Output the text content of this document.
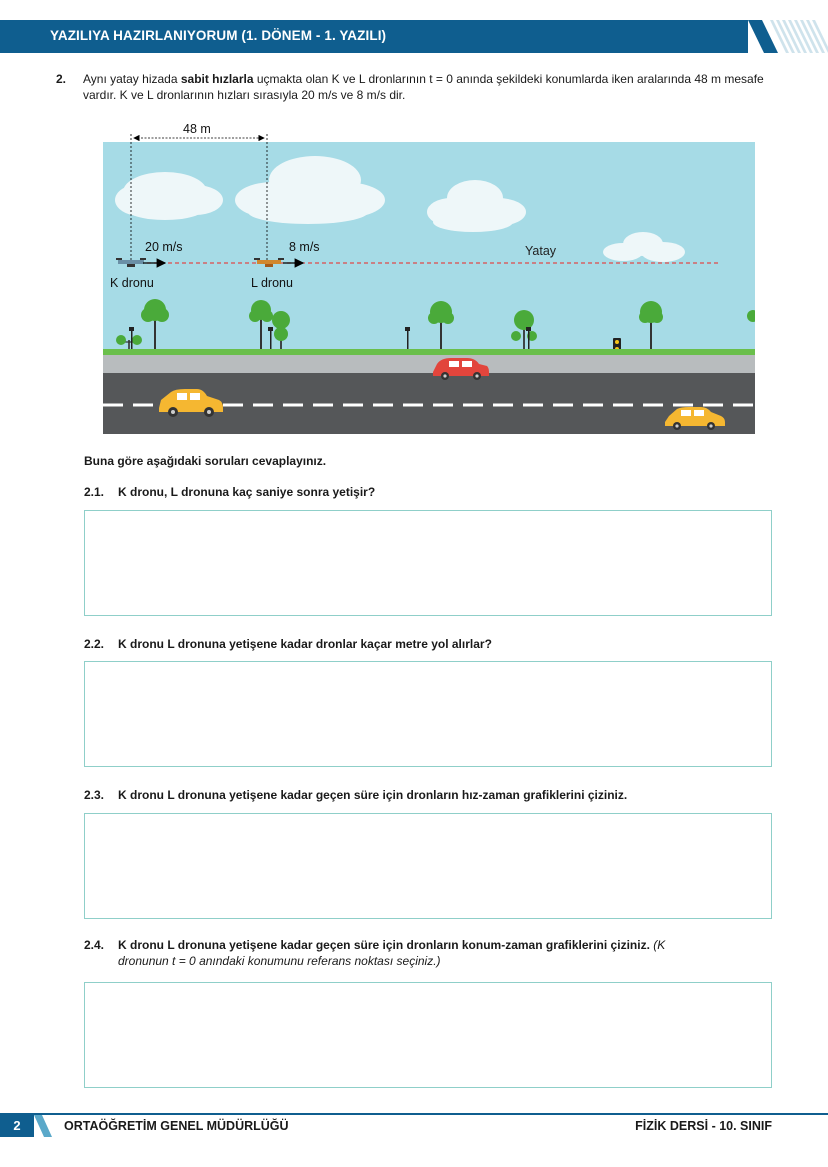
YAZILIYA HAZIRLANIYORUM (1. DÖNEM - 1. YAZILI)
2. Aynı yatay hizada sabit hızlarla uçmakta olan K ve L dronlarının t = 0 anında şekildeki konumlarda iken aralarında 48 m mesafe vardır. K ve L dronlarının hızları sırasıyla 20 m/s ve 8 m/s dir.
48 m
Yatay
20 m/s
K dronu
8 m/s
L dronu
Buna göre aşağıdaki soruları cevaplayınız.
2.1. K dronu, L dronuna kaç saniye sonra yetişir?
2.2. K dronu L dronuna yetişene kadar dronlar kaçar metre yol alırlar?
2.3. K dronu L dronuna yetişene kadar geçen süre için dronların hız-zaman grafiklerini çiziniz.
2.4. K dronu L dronuna yetişene kadar geçen süre için dronların konum-zaman grafiklerini çiziniz. (K
dronunun t = 0 anındaki konumunu referans noktası seçiniz.)
2	ORTAÖĞRETİM GENEL MÜDÜRLÜĞÜ	FİZİK DERSİ - 10. SINIF
